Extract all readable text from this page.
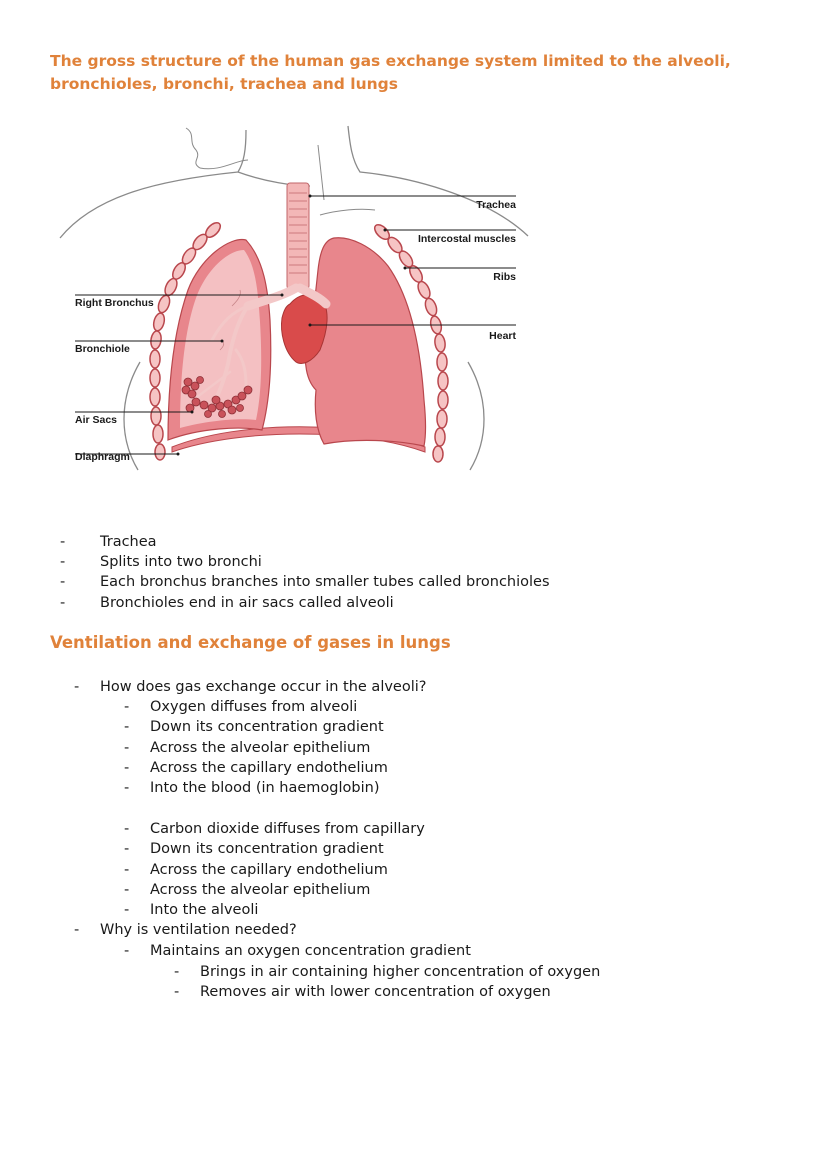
The gross structure of the human gas exchange system limited to the alveoli, bronchioles, bronchi, trachea and lungs
Trachea
Intercostal muscles
Ribs
Heart
Right Bronchus
Bronchiole
Air Sacs
Diaphragm
-
-
-
-
Trachea
Splits into two bronchi
Each bronchus branches into smaller tubes called bronchioles
Bronchioles end in air sacs called alveoli
Ventilation and exchange of gases in lungs
- How does gas exchange occur in the alveoli?
-
-
-
-
-
Oxygen diffuses from alveoli
Down its concentration gradient
Across the alveolar epithelium
Across the capillary endothelium
Into the blood (in haemoglobin)
-
-
-
-
-
Carbon dioxide diffuses from capillary
Down its concentration gradient
Across the capillary endothelium
Across the alveolar epithelium
Into the alveoli
- Why is ventilation needed?
- Maintains an oxygen concentration gradient
-
-
Brings in air containing higher concentration of oxygen
Removes air with lower concentration of oxygen
